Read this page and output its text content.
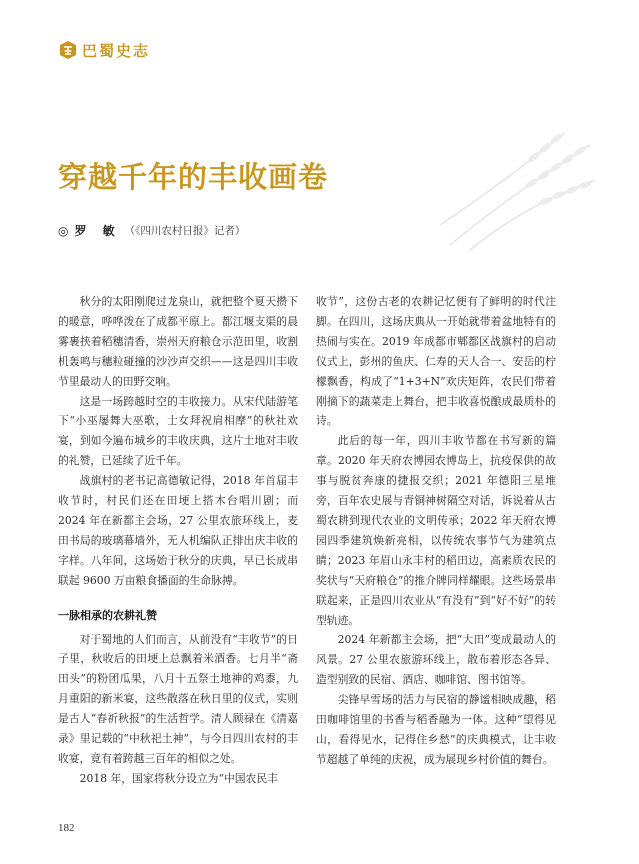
巴蜀史志
穿越千年的丰收画卷
◎ 罗 敏 （《四川农村日报》记者）

秋分的太阳刚爬过龙泉山，就把整个夏天攒下的暖意，哗哗泼在了成都平原上。都江堰支渠的晨雾裹挟着稻穗清香，崇州天府粮仓示范田里，收割机轰鸣与穗粒碰撞的沙沙声交织——这是四川丰收节里最动人的田野交响。

这是一场跨越时空的丰收接力。从宋代陆游笔下“小巫屡舞大巫歌，士女拜祝肩相摩”的秋社欢宴，到如今遍布城乡的丰收庆典，这片土地对丰收的礼赞，已延续了近千年。

战旗村的老书记高德敏记得，2018 年首届丰收节时，村民们还在田埂上搭木台唱川剧；而 2024 年在新都主会场，27 公里农旅环线上，麦田书局的玻璃幕墙外，无人机编队正排出庆丰收的字样。八年间，这场始于秋分的庆典，早已长成串联起 9600 万亩粮食播面的生命脉搏。

一脉相承的农耕礼赞

对于蜀地的人们而言，从前没有“丰收节”的日子里，秋收后的田埂上总飘着米酒香。七月半“斋田头”的粉团瓜果，八月十五祭土地神的鸡黍，九月重阳的新米宴，这些散落在秋日里的仪式，实则是古人“春祈秋报”的生活哲学。清人顾禄在《清嘉录》里记载的“中秋祀土神”，与今日四川农村的丰收宴，竟有着跨越三百年的相似之处。

2018 年，国家将秋分设立为“中国农民丰

收节”，这份古老的农耕记忆便有了鲜明的时代注脚。在四川，这场庆典从一开始就带着盆地特有的热闹与实在。2019 年成都市郫都区战旗村的启动仪式上，彭州的鱼庆、仁寿的天人合一、安岳的柠檬飘香，构成了“1+3+N”欢庆矩阵，农民们带着刚摘下的蔬菜走上舞台，把丰收喜悦酿成最质朴的诗。

此后的每一年，四川丰收节都在书写新的篇章。2020 年天府农博园农博岛上，抗疫保供的故事与脱贫奔康的捷报交织；2021 年德阳三星堆旁，百年农史展与青铜神树隔空对话，诉说着从古蜀农耕到现代农业的文明传承；2022 年天府农博园四季建筑焕新亮相，以传统农事节气为建筑点睛；2023 年眉山永丰村的稻田边，高素质农民的奖状与“天府粮仓”的推介牌同样耀眼。这些场景串联起来，正是四川农业从“有没有”到“好不好”的转型轨迹。

2024 年新都主会场，把“大田”变成最动人的风景。27 公里农旅游环线上，散布着形态各异、造型别致的民宿、酒店、咖啡馆、图书馆等。

尖锋早雪场的活力与民宿的静谧相映成趣，稻田咖啡馆里的书香与稻香融为一体。这种“望得见山，看得见水，记得住乡愁”的庆典模式，让丰收节超越了单纯的庆祝，成为展现乡村价值的舞台。

182
